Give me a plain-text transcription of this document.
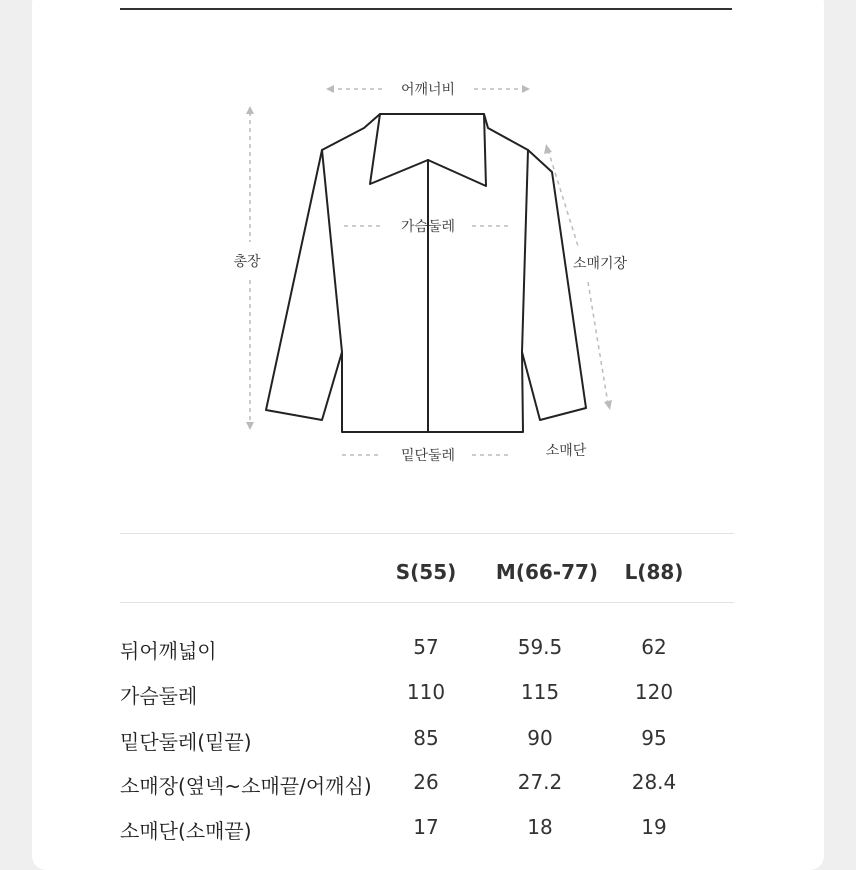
어깨너비
가슴둘레
총장	소매기장
밑단둘레	소매단
S(55)	M(66-77)	L(88)
뒤어깨넓이	57	59.5	62
가슴둘레	110	115	120
밑단둘레(밑끝)	85	90	95
소매장(옆넥~소매끝/어깨심)	26	27.2	28.4
소매단(소매끝)	17	18	19
